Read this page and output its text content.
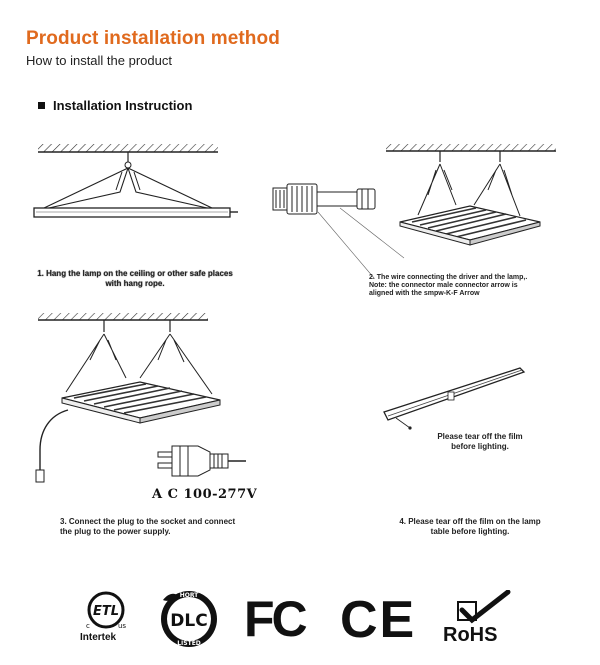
Product installation method
How to install the product
Installation Instruction
1. Hang the lamp on the ceiling or other safe places with hang rope.
2. The wire connecting the driver and the lamp,.
Note: the connector male connector arrow is
aligned with the smpw-K-F Arrow
A C 100-277V
3. Connect the plug to the socket and connect the plug to the power supply.
Please tear off the film before lighting.
4. Please tear off the film on the lamp table before lighting.
ETL
c	us
Intertek
DLC
HORT
LISTED FC CE RoHS
